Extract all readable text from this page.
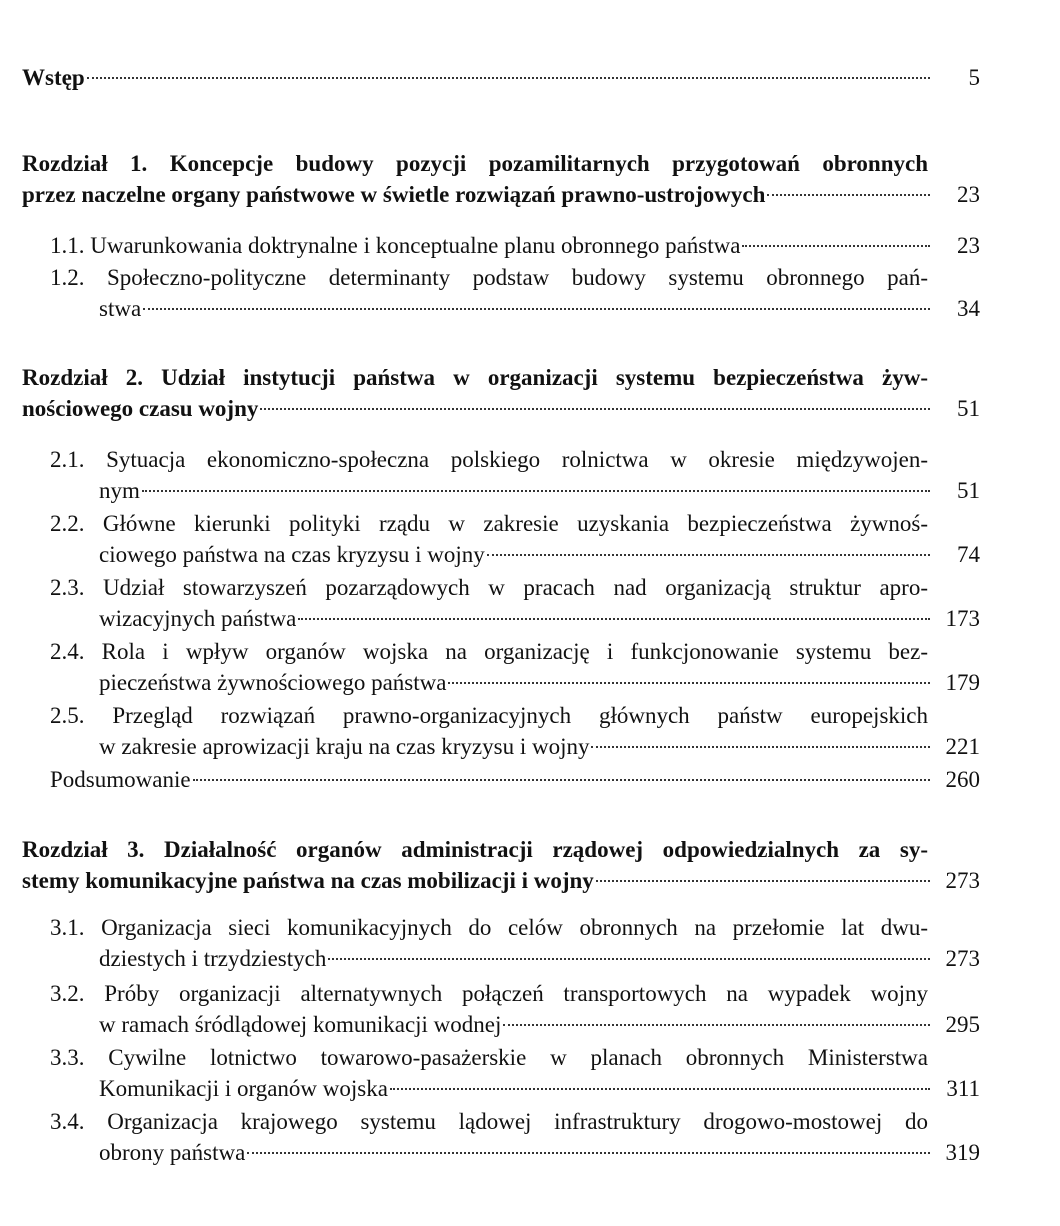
Wstęp	5
Rozdział 1. Koncepcje budowy pozycji pozamilitarnych przygotowań obronnych
przez naczelne organy państwowe w świetle rozwiązań prawno-ustrojowych	23
1.1. Uwarunkowania doktrynalne i konceptualne planu obronnego państwa	23
1.2. Społeczno-polityczne determinanty podstaw budowy systemu obronnego pań-
stwa	34
Rozdział 2. Udział instytucji państwa w organizacji systemu bezpieczeństwa żyw-
nościowego czasu wojny	51
2.1. Sytuacja ekonomiczno-społeczna polskiego rolnictwa w okresie międzywojen-
nym	51
2.2. Główne kierunki polityki rządu w zakresie uzyskania bezpieczeństwa żywnoś-
ciowego państwa na czas kryzysu i wojny	74
2.3. Udział stowarzyszeń pozarządowych w pracach nad organizacją struktur apro-
wizacyjnych państwa	173
2.4. Rola i wpływ organów wojska na organizację i funkcjonowanie systemu bez-
pieczeństwa żywnościowego państwa	179
2.5. Przegląd rozwiązań prawno-organizacyjnych głównych państw europejskich
w zakresie aprowizacji kraju na czas kryzysu i wojny	221
Podsumowanie	260
Rozdział 3. Działalność organów administracji rządowej odpowiedzialnych za sy-
stemy komunikacyjne państwa na czas mobilizacji i wojny	273
3.1. Organizacja sieci komunikacyjnych do celów obronnych na przełomie lat dwu-
dziestych i trzydziestych	273
3.2. Próby organizacji alternatywnych połączeń transportowych na wypadek wojny
w ramach śródlądowej komunikacji wodnej	295
3.3. Cywilne lotnictwo towarowo-pasażerskie w planach obronnych Ministerstwa
Komunikacji i organów wojska	311
3.4. Organizacja krajowego systemu lądowej infrastruktury drogowo-mostowej do
obrony państwa	319
